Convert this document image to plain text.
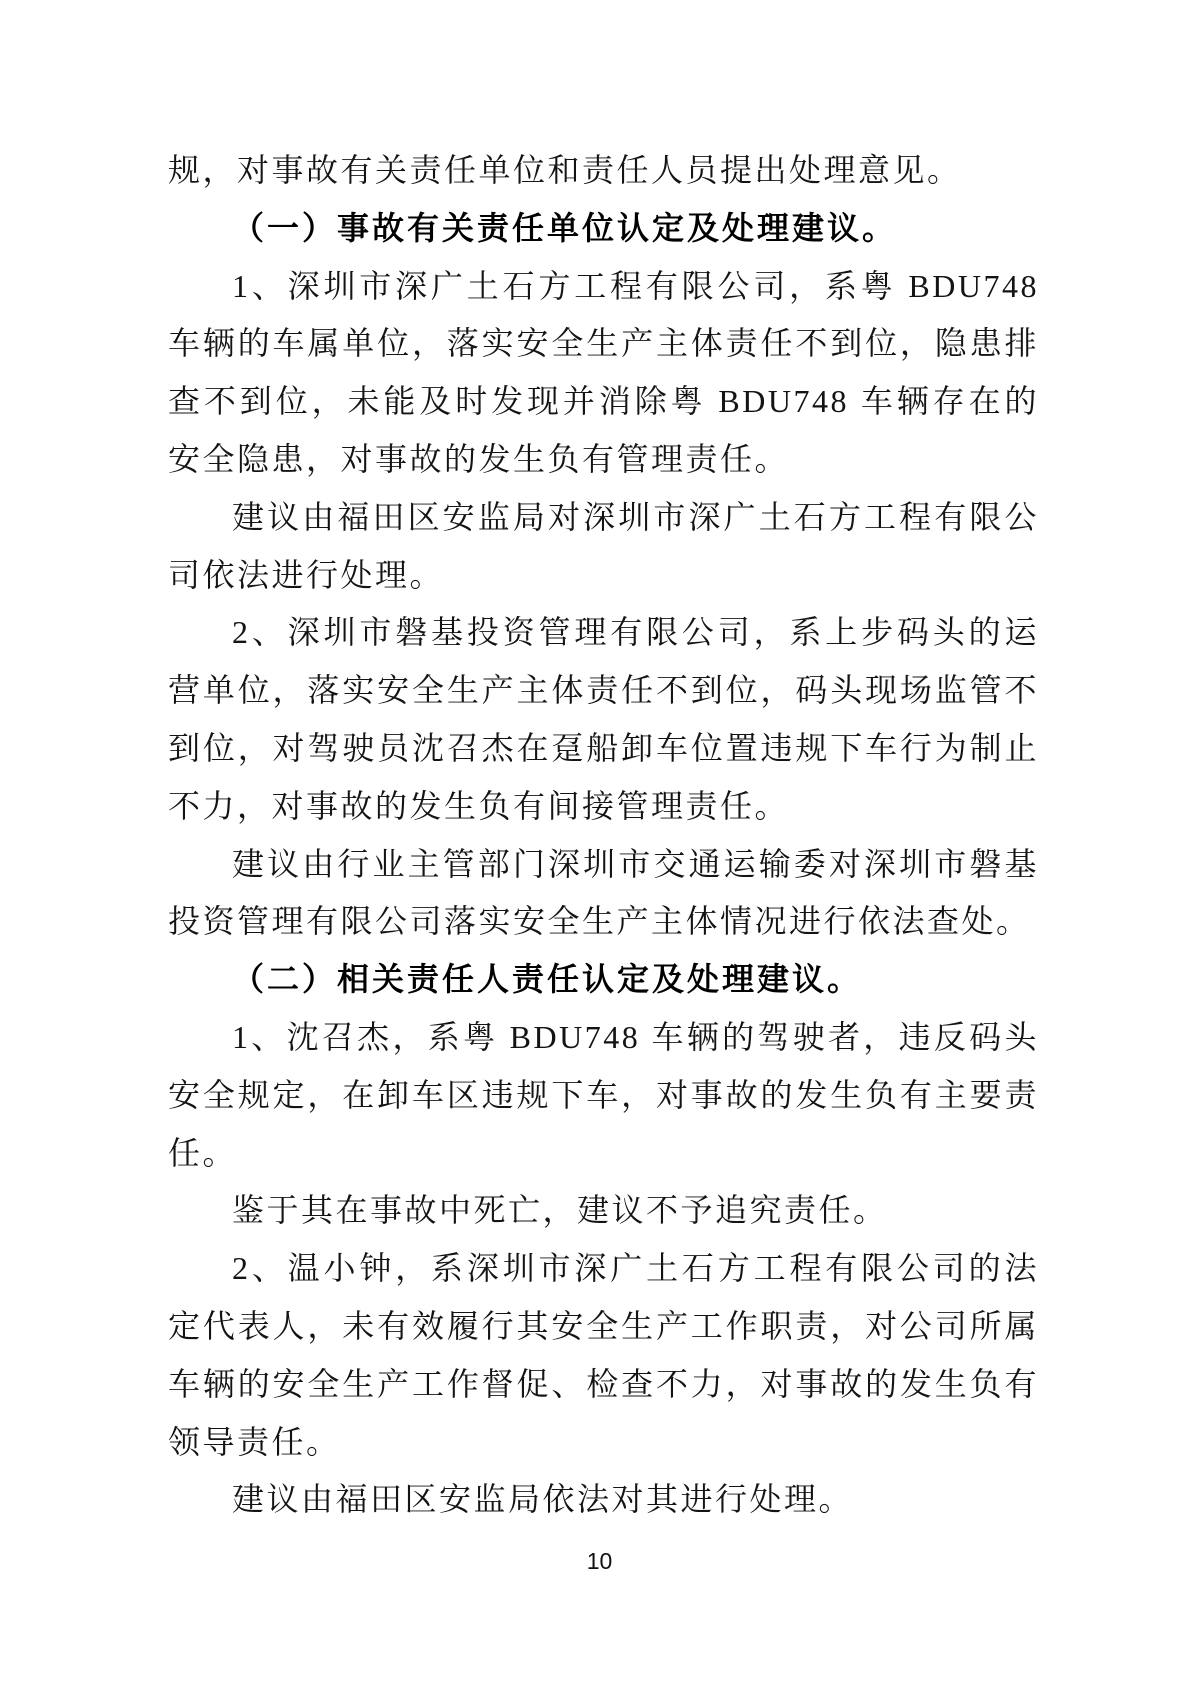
规，对事故有关责任单位和责任人员提出处理意见。

（一）事故有关责任单位认定及处理建议。

1、深圳市深广土石方工程有限公司，系粤 BDU748 车辆的车属单位，落实安全生产主体责任不到位，隐患排查不到位，未能及时发现并消除粤 BDU748 车辆存在的安全隐患，对事故的发生负有管理责任。

建议由福田区安监局对深圳市深广土石方工程有限公司依法进行处理。

2、深圳市磐基投资管理有限公司，系上步码头的运营单位，落实安全生产主体责任不到位，码头现场监管不到位，对驾驶员沈召杰在趸船卸车位置违规下车行为制止不力，对事故的发生负有间接管理责任。

建议由行业主管部门深圳市交通运输委对深圳市磐基投资管理有限公司落实安全生产主体情况进行依法查处。

（二）相关责任人责任认定及处理建议。

1、沈召杰，系粤 BDU748 车辆的驾驶者，违反码头安全规定，在卸车区违规下车，对事故的发生负有主要责任。

鉴于其在事故中死亡，建议不予追究责任。

2、温小钟，系深圳市深广土石方工程有限公司的法定代表人，未有效履行其安全生产工作职责，对公司所属车辆的安全生产工作督促、检查不力，对事故的发生负有领导责任。

建议由福田区安监局依法对其进行处理。

10
